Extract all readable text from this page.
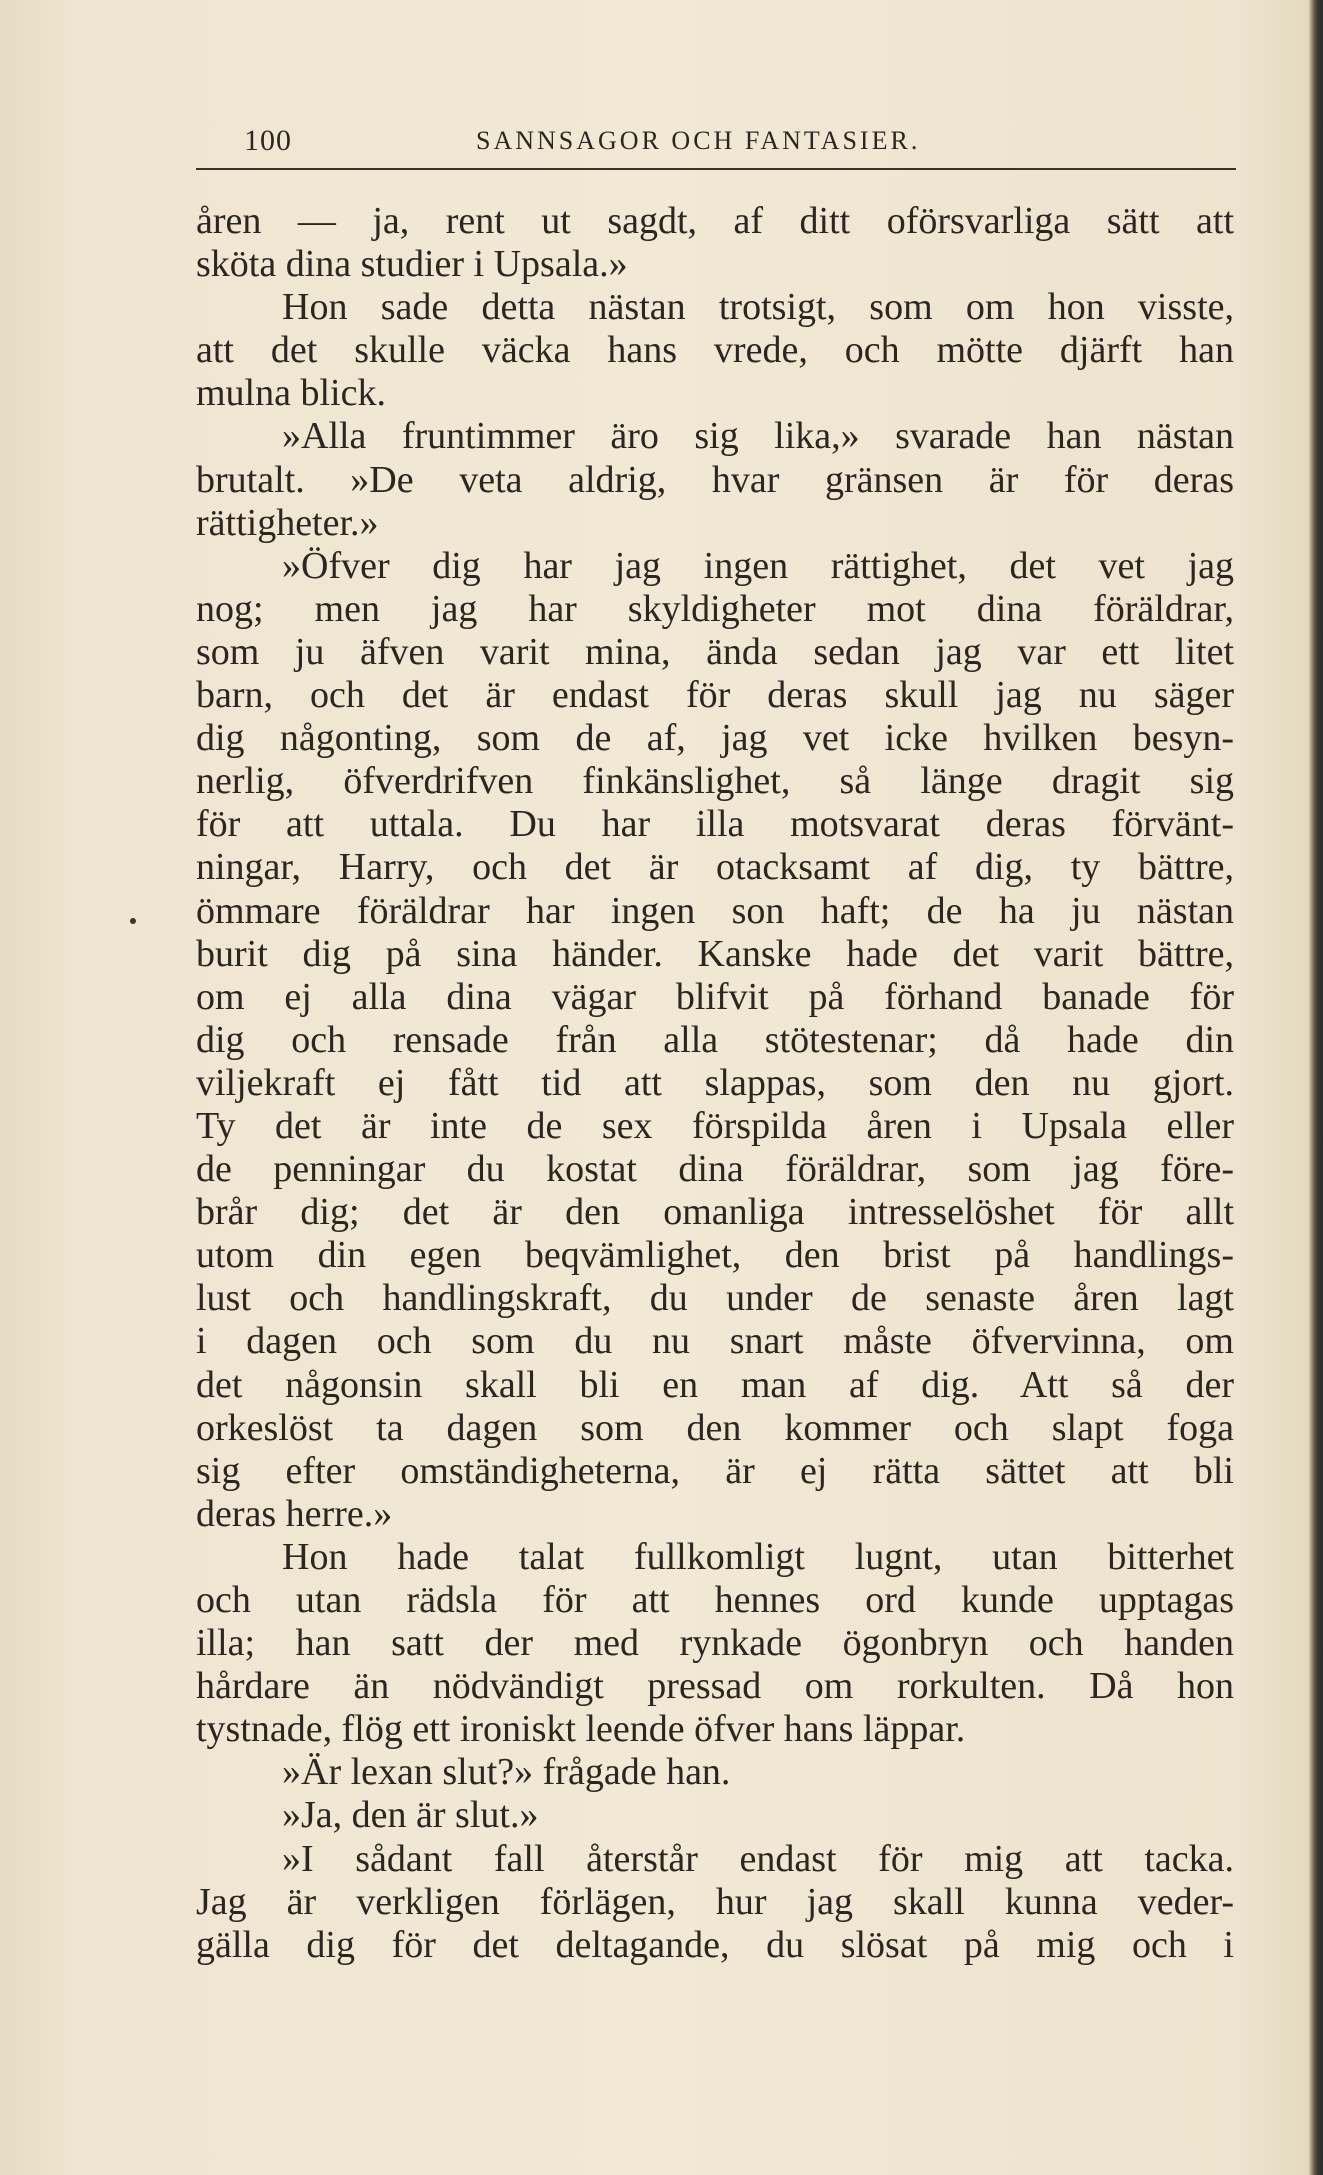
100	SANNSAGOR OCH FANTASIER.
åren — ja, rent ut sagdt, af ditt oförsvarliga sätt att
sköta dina studier i Upsala.»
Hon sade detta nästan trotsigt, som om hon visste,
att det skulle väcka hans vrede, och mötte djärft han
mulna blick.
»Alla fruntimmer äro sig lika,» svarade han nästan
brutalt. »De veta aldrig, hvar gränsen är för deras
rättigheter.»
»Öfver dig har jag ingen rättighet, det vet jag
nog; men jag har skyldigheter mot dina föräldrar,
som ju äfven varit mina, ända sedan jag var ett litet
barn, och det är endast för deras skull jag nu säger
dig någonting, som de af, jag vet icke hvilken besyn-
nerlig, öfverdrifven finkänslighet, så länge dragit sig
för att uttala. Du har illa motsvarat deras förvänt-
ningar, Harry, och det är otacksamt af dig, ty bättre,
ömmare föräldrar har ingen son haft; de ha ju nästan
burit dig på sina händer. Kanske hade det varit bättre,
om ej alla dina vägar blifvit på förhand banade för
dig och rensade från alla stötestenar; då hade din
viljekraft ej fått tid att slappas, som den nu gjort.
Ty det är inte de sex förspilda åren i Upsala eller
de penningar du kostat dina föräldrar, som jag före-
brår dig; det är den omanliga intresselöshet för allt
utom din egen beqvämlighet, den brist på handlings-
lust och handlingskraft, du under de senaste åren lagt
i dagen och som du nu snart måste öfvervinna, om
det någonsin skall bli en man af dig. Att så der
orkeslöst ta dagen som den kommer och slapt foga
sig efter omständigheterna, är ej rätta sättet att bli
deras herre.»
Hon hade talat fullkomligt lugnt, utan bitterhet
och utan rädsla för att hennes ord kunde upptagas
illa; han satt der med rynkade ögonbryn och handen
hårdare än nödvändigt pressad om rorkulten. Då hon
tystnade, flög ett ironiskt leende öfver hans läppar.
»Är lexan slut?» frågade han.
»Ja, den är slut.»
»I sådant fall återstår endast för mig att tacka.
Jag är verkligen förlägen, hur jag skall kunna veder-
gälla dig för det deltagande, du slösat på mig och i
